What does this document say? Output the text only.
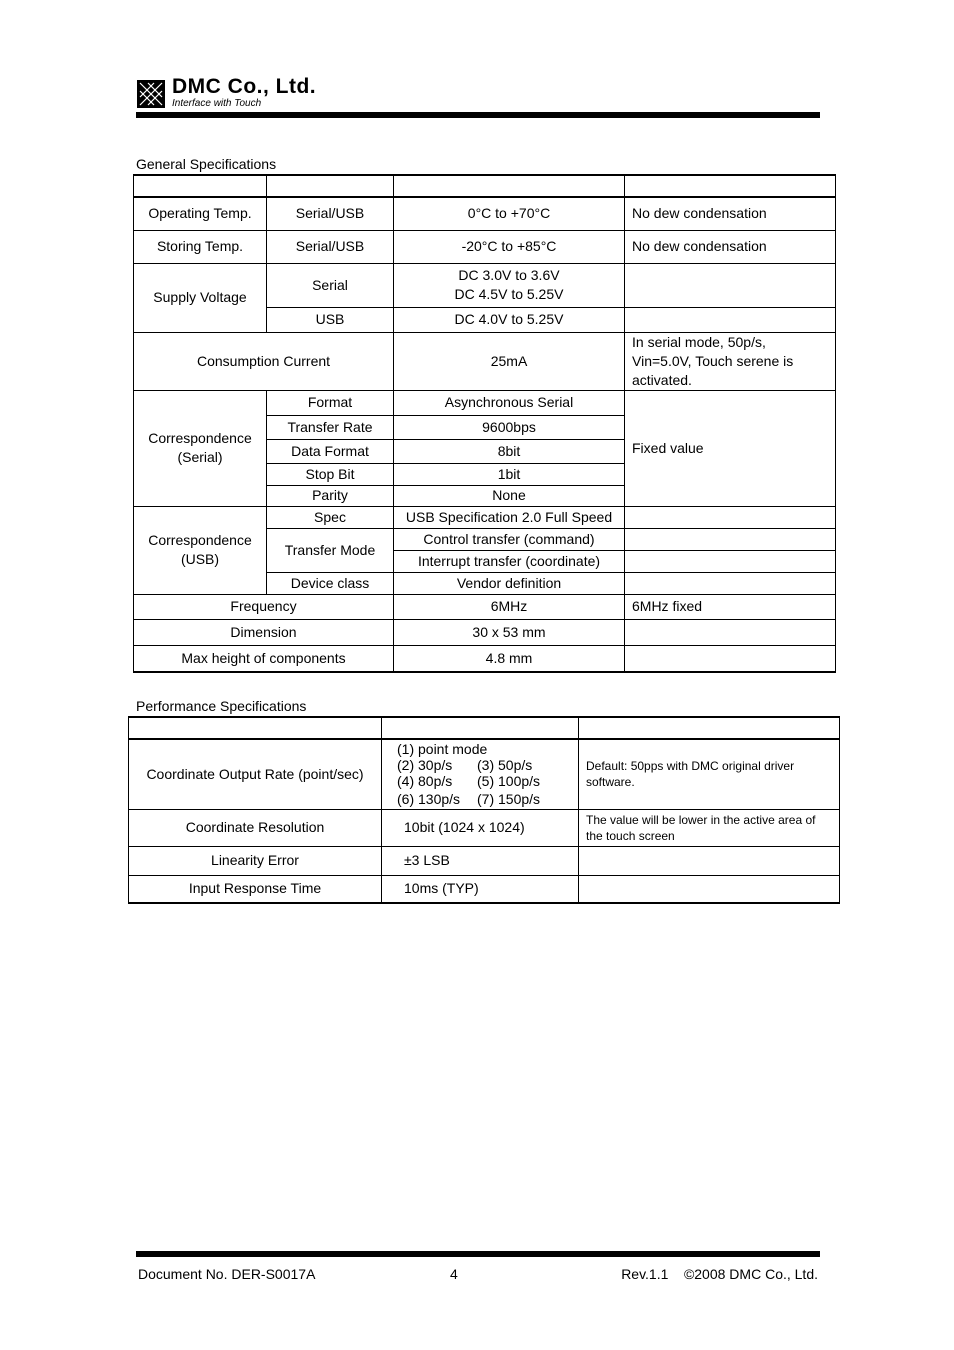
DMC Co., Ltd.
Interface with Touch
General Specifications

Operating Temp.	Serial/USB	0°C to +70°C	No dew condensation
Storing Temp.	Serial/USB	-20°C to +85°C	No dew condensation
Supply Voltage	Serial	DC 3.0V to 3.6V
DC 4.5V to 5.25V	

	USB	DC 4.0V to 5.25V	
Consumption Current		25mA	In serial mode, 50p/s, Vin=5.0V, Touch serene is activated.
Correspondence (Serial)	Format	Asynchronous Serial	Fixed value
	Transfer Rate	9600bps	
	Data Format	8bit	
	Stop Bit	1bit	
	Parity	None	
Correspondence (USB)	Spec	USB Specification 2.0 Full Speed	
	Transfer Mode	Control transfer (command)	
		Interrupt transfer (coordinate)	
	Device class	Vendor definition	
Frequency		6MHz	6MHz fixed
Dimension		30 x 53 mm	
Max height of components		4.8 mm	
Performance Specifications

Coordinate Output Rate (point/sec)	(1) point mode
(2) 30p/s (3) 50p/s
(4) 80p/s (5) 100p/s
(6) 130p/s (7) 150p/s	Default: 50pps with DMC original driver software.
Coordinate Resolution	10bit (1024 x 1024)	The value will be lower in the active area of the touch screen
Linearity Error	±3 LSB	
Input Response Time	10ms (TYP)	
Document No. DER-S0017A	4	Rev.1.1    ©2008 DMC Co., Ltd.
